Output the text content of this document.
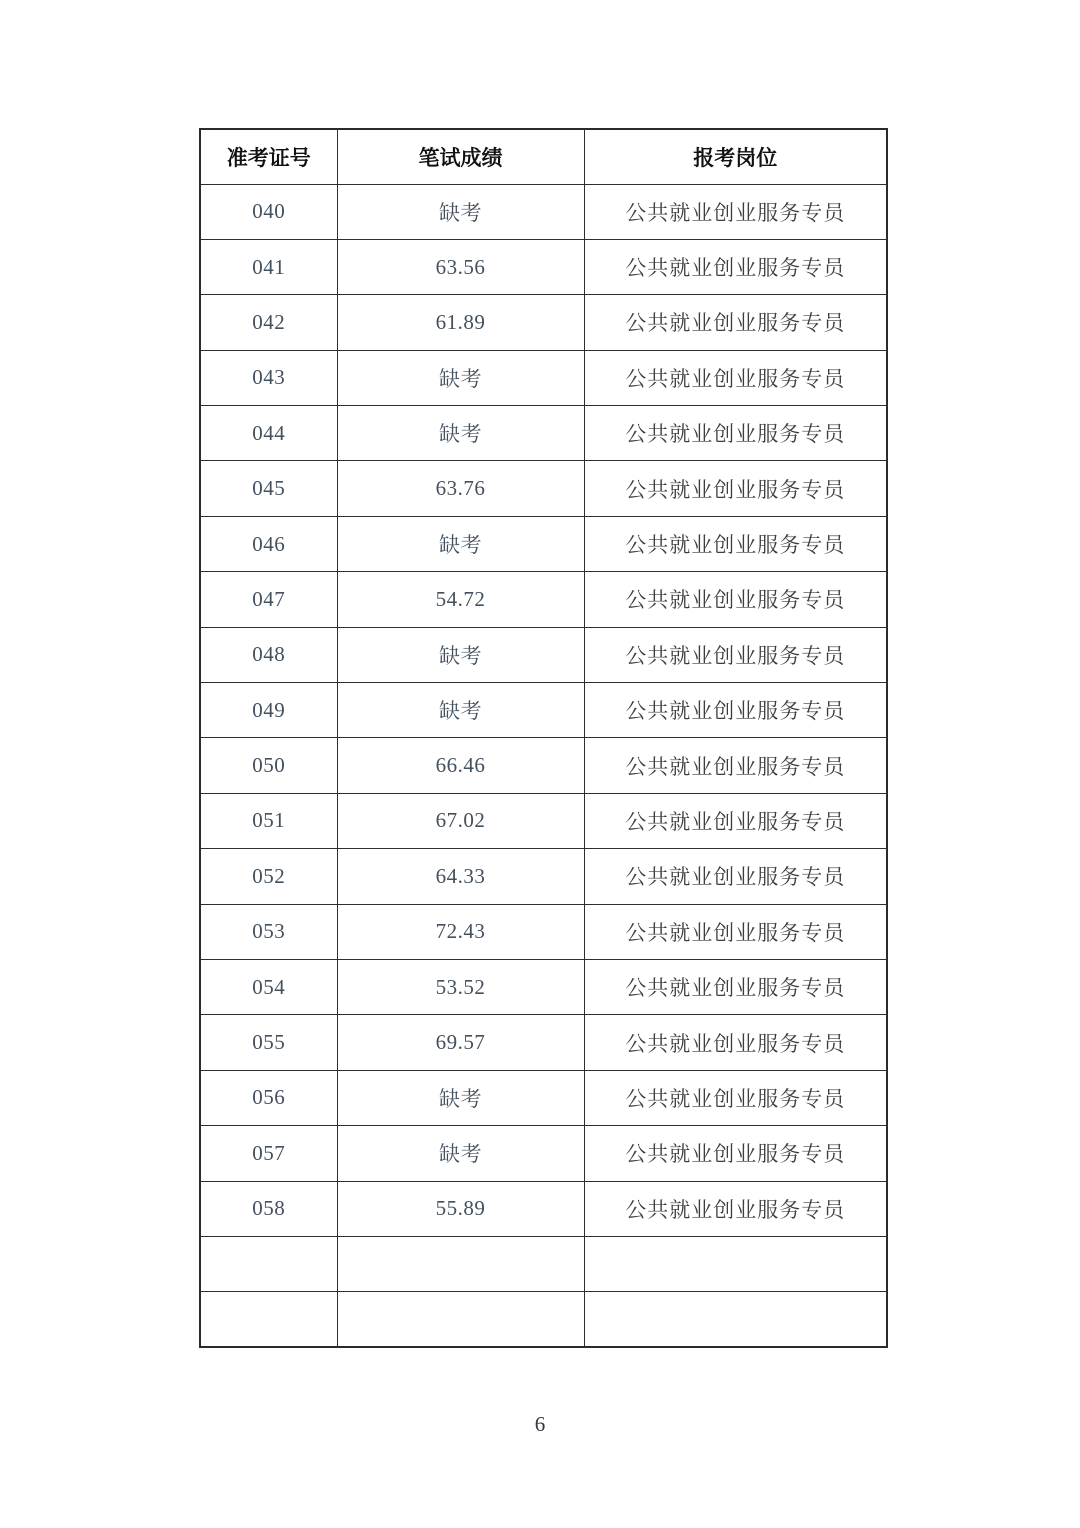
准考证号	笔试成绩	报考岗位
040	缺考	公共就业创业服务专员
041	63.56	公共就业创业服务专员
042	61.89	公共就业创业服务专员
043	缺考	公共就业创业服务专员
044	缺考	公共就业创业服务专员
045	63.76	公共就业创业服务专员
046	缺考	公共就业创业服务专员
047	54.72	公共就业创业服务专员
048	缺考	公共就业创业服务专员
049	缺考	公共就业创业服务专员
050	66.46	公共就业创业服务专员
051	67.02	公共就业创业服务专员
052	64.33	公共就业创业服务专员
053	72.43	公共就业创业服务专员
054	53.52	公共就业创业服务专员
055	69.57	公共就业创业服务专员
056	缺考	公共就业创业服务专员
057	缺考	公共就业创业服务专员
058	55.89	公共就业创业服务专员

6
